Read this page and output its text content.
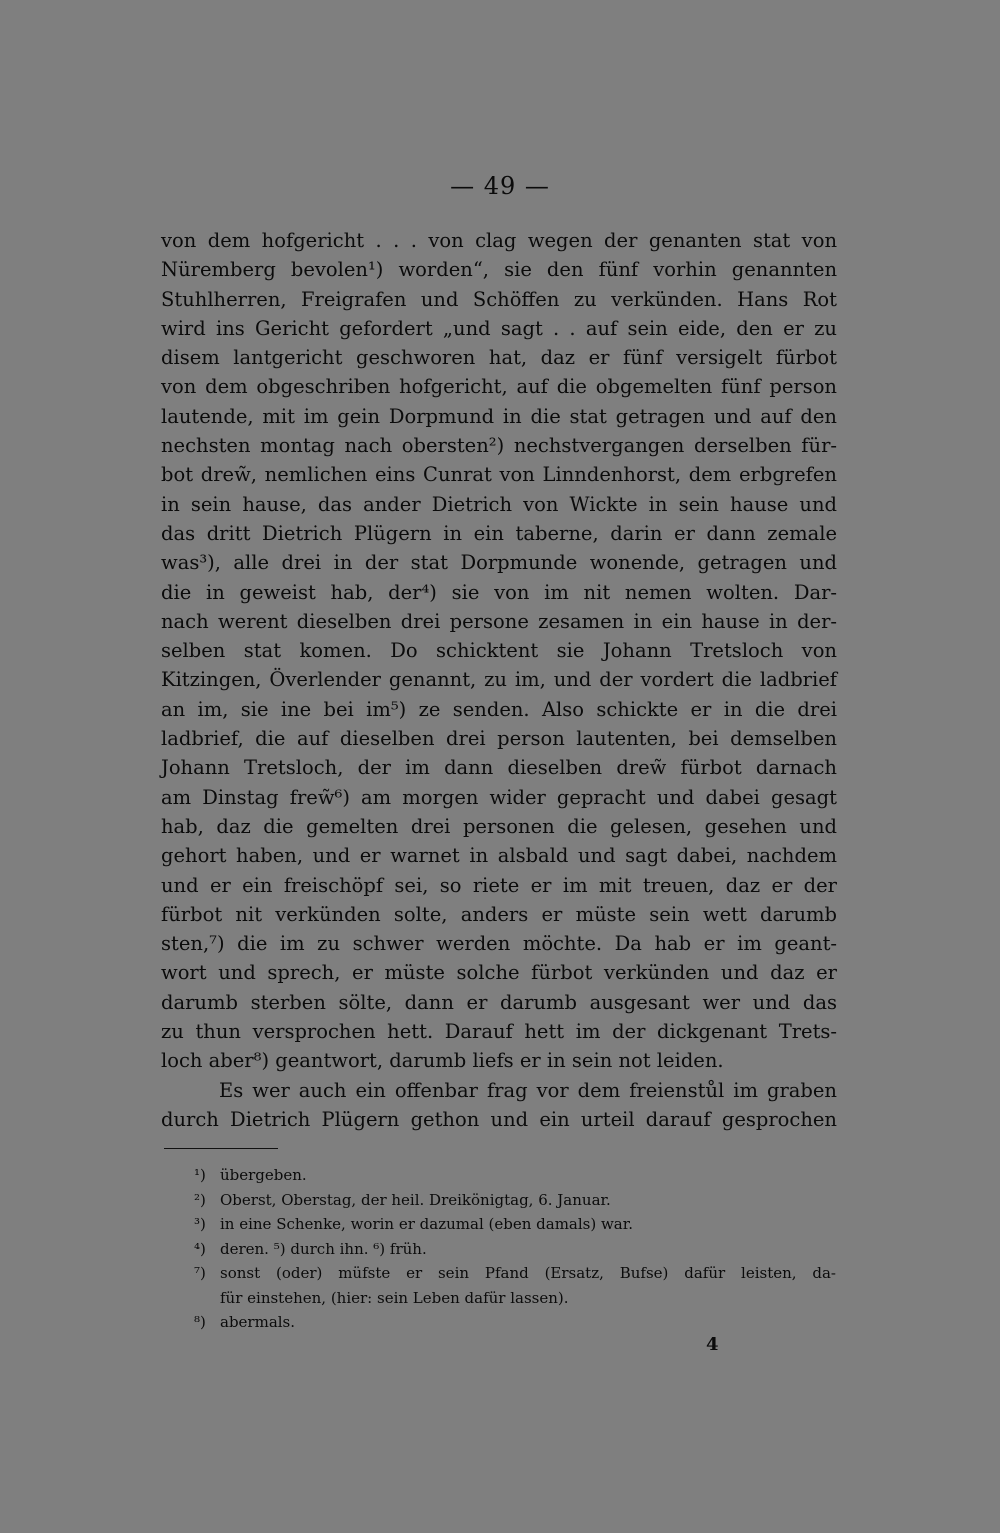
— 49 —
von dem hofgericht . . . von clag wegen der genanten stat von
Nüremberg bevolen¹) worden“, sie den fünf vorhin genannten
Stuhlherren, Freigrafen und Schöffen zu verkünden. Hans Rot
wird ins Gericht gefordert „und sagt . . auf sein eide, den er zu
disem lantgericht geschworen hat, daz er fünf versigelt fürbot
von dem obgeschriben hofgericht, auf die obgemelten fünf person
lautende, mit im gein Dorpmund in die stat getragen und auf den
nechsten montag nach obersten²) nechstvergangen derselben für-
bot drew̃, nemlichen eins Cunrat von Linndenhorst, dem erbgrefen
in sein hause, das ander Dietrich von Wickte in sein hause und
das dritt Dietrich Plügern in ein taberne, darin er dann zemale
was³), alle drei in der stat Dorpmunde wonende, getragen und
die in geweist hab, der⁴) sie von im nit nemen wolten. Dar-
nach werent dieselben drei persone zesamen in ein hause in der-
selben stat komen. Do schicktent sie Johann Tretsloch von
Kitzingen, Överlender genannt, zu im, und der vordert die ladbrief
an im, sie ine bei im⁵) ze senden. Also schickte er in die drei
ladbrief, die auf dieselben drei person lautenten, bei demselben
Johann Tretsloch, der im dann dieselben drew̃ fürbot darnach
am Dinstag frew̃⁶) am morgen wider gepracht und dabei gesagt
hab, daz die gemelten drei personen die gelesen, gesehen und
gehort haben, und er warnet in alsbald und sagt dabei, nachdem
und er ein freischöpf sei, so riete er im mit treuen, daz er der
fürbot nit verkünden solte, anders er müste sein wett darumb
sten,⁷) die im zu schwer werden möchte. Da hab er im geant-
wort und sprech, er müste solche fürbot verkünden und daz er
darumb sterben sölte, dann er darumb ausgesant wer und das
zu thun versprochen hett. Darauf hett im der dickgenant Trets-
loch aber⁸) geantwort, darumb liefs er in sein not leiden.
Es wer auch ein offenbar frag vor dem freienstůl im graben
durch Dietrich Plügern gethon und ein urteil darauf gesprochen
¹) übergeben.
²) Oberst, Oberstag, der heil. Dreikönigtag, 6. Januar.
³) in eine Schenke, worin er dazumal (eben damals) war.
⁴) deren. ⁵) durch ihn. ⁶) früh.
⁷) sonst (oder) müfste er sein Pfand (Ersatz, Bufse) dafür leisten, da-
für einstehen, (hier: sein Leben dafür lassen).
⁸) abermals.
4
